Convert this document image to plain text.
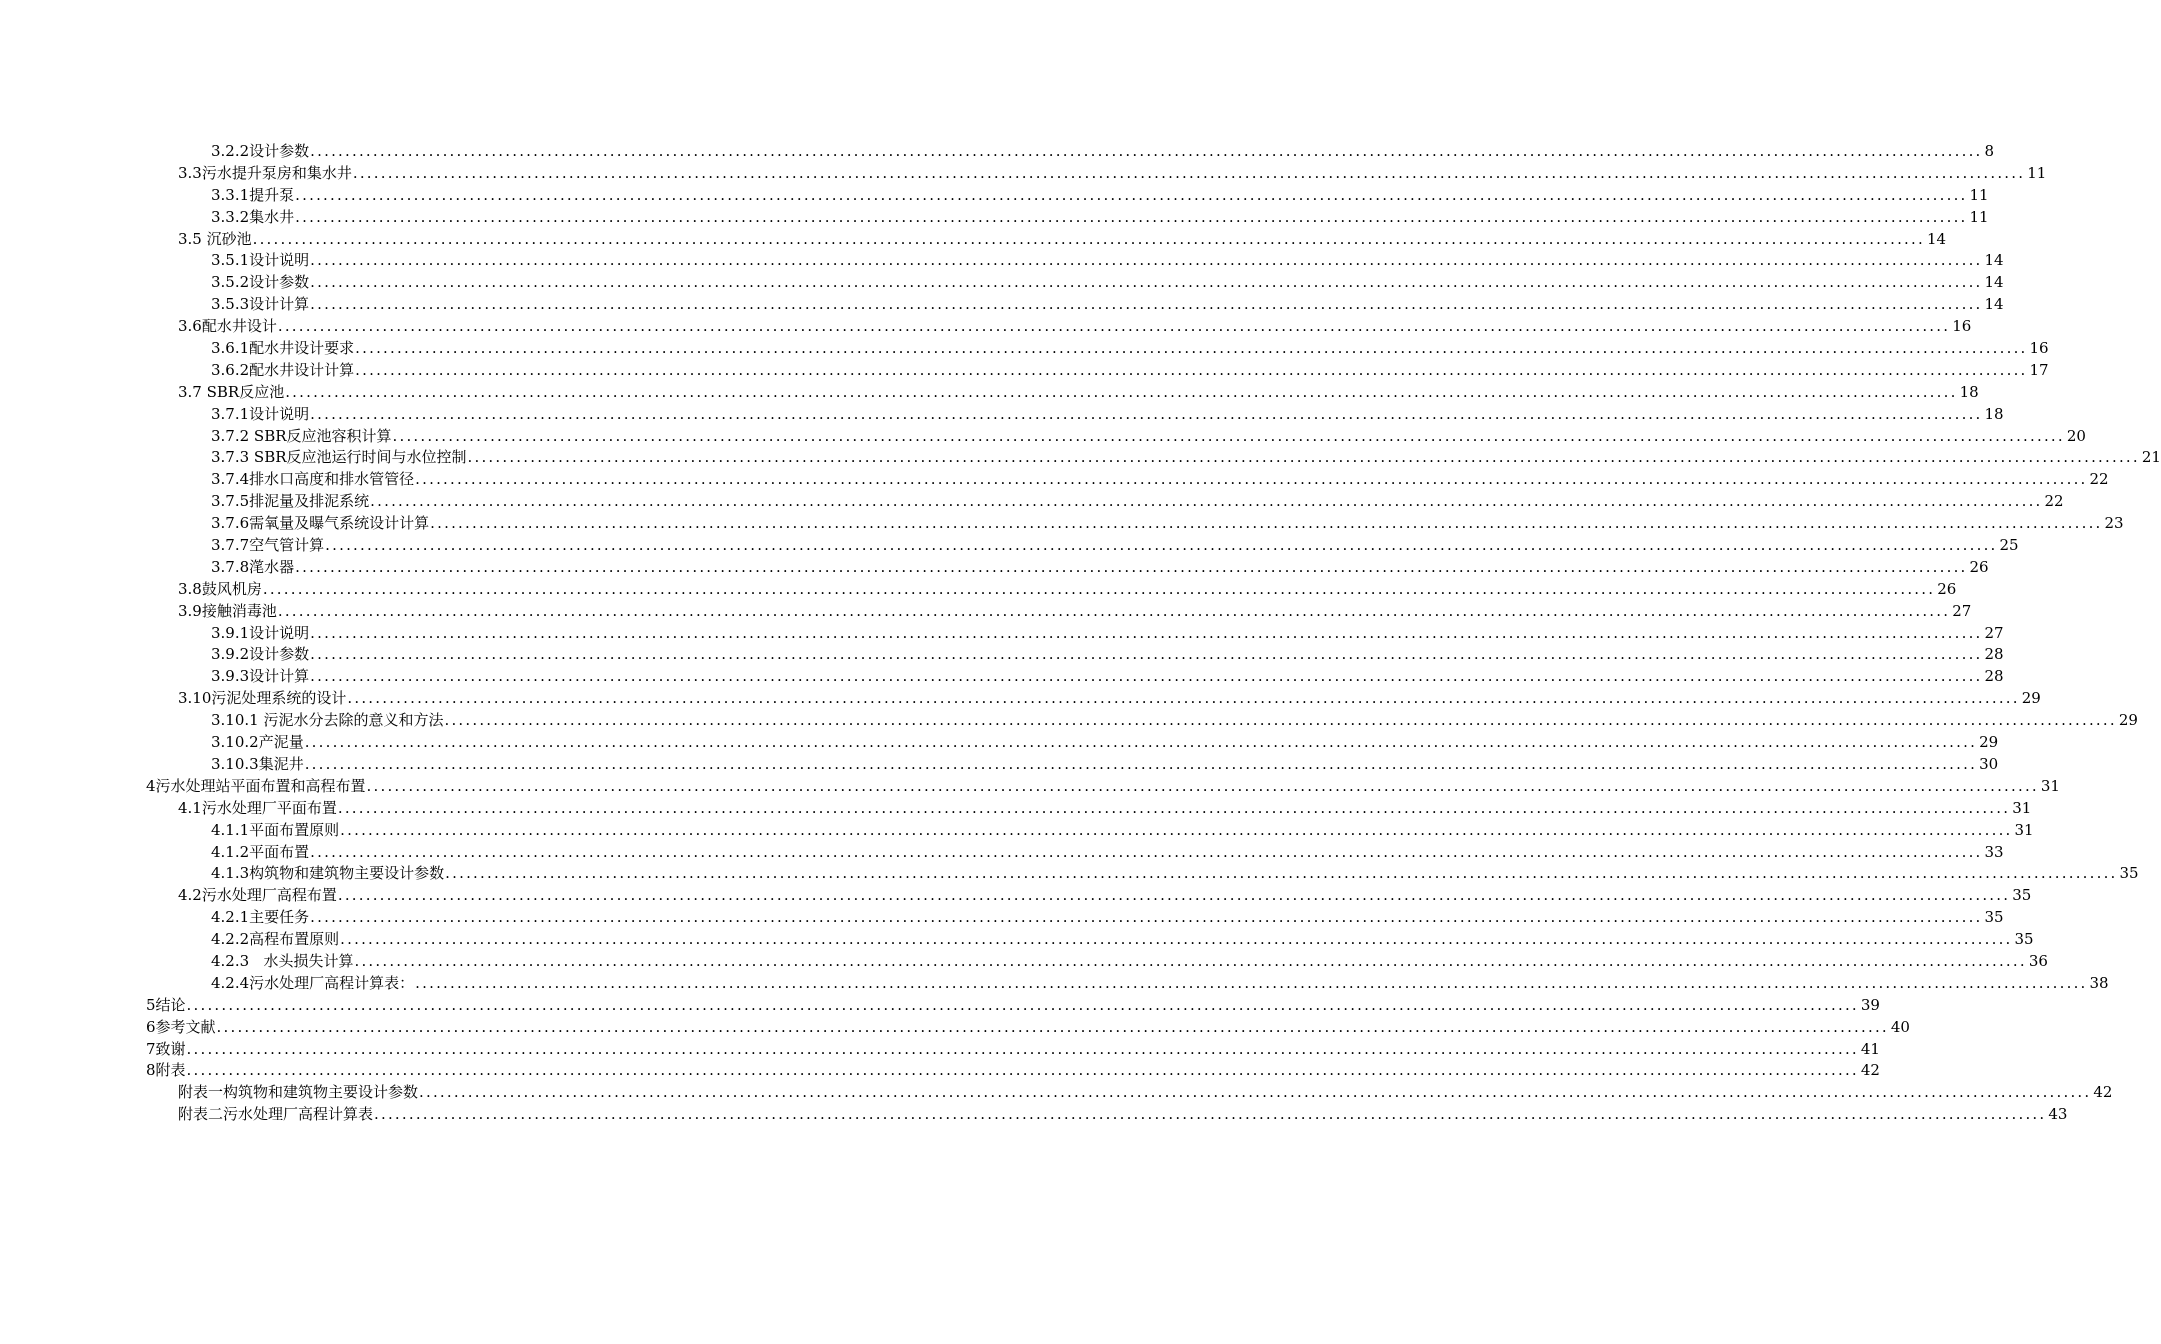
3.2.2设计参数 ................................................................................................................................................................................................................................................ 8
3.3污水提升泵房和集水井 ................................................................................................................................................................................................................................................ 11
3.3.1提升泵 ................................................................................................................................................................................................................................................ 11
3.3.2集水井 ................................................................................................................................................................................................................................................ 11
3.5 沉砂池 ................................................................................................................................................................................................................................................ 14
3.5.1设计说明 ................................................................................................................................................................................................................................................ 14
3.5.2设计参数 ................................................................................................................................................................................................................................................ 14
3.5.3设计计算 ................................................................................................................................................................................................................................................ 14
3.6配水井设计 ................................................................................................................................................................................................................................................ 16
3.6.1配水井设计要求 ................................................................................................................................................................................................................................................ 16
3.6.2配水井设计计算 ................................................................................................................................................................................................................................................ 17
3.7 SBR反应池 ................................................................................................................................................................................................................................................ 18
3.7.1设计说明 ................................................................................................................................................................................................................................................ 18
3.7.2 SBR反应池容积计算 ................................................................................................................................................................................................................................................ 20
3.7.3 SBR反应池运行时间与水位控制 ................................................................................................................................................................................................................................................ 21
3.7.4排水口高度和排水管管径 ................................................................................................................................................................................................................................................ 22
3.7.5排泥量及排泥系统 ................................................................................................................................................................................................................................................ 22
3.7.6需氧量及曝气系统设计计算 ................................................................................................................................................................................................................................................ 23
3.7.7空气管计算 ................................................................................................................................................................................................................................................ 25
3.7.8滗水器 ................................................................................................................................................................................................................................................ 26
3.8鼓风机房 ................................................................................................................................................................................................................................................ 26
3.9接触消毒池 ................................................................................................................................................................................................................................................ 27
3.9.1设计说明 ................................................................................................................................................................................................................................................ 27
3.9.2设计参数 ................................................................................................................................................................................................................................................ 28
3.9.3设计计算 ................................................................................................................................................................................................................................................ 28
3.10污泥处理系统的设计 ................................................................................................................................................................................................................................................ 29
3.10.1 污泥水分去除的意义和方法 ................................................................................................................................................................................................................................................ 29
3.10.2产泥量 ................................................................................................................................................................................................................................................ 29
3.10.3集泥井 ................................................................................................................................................................................................................................................ 30
4污水处理站平面布置和高程布置 ................................................................................................................................................................................................................................................ 31
4.1污水处理厂平面布置 ................................................................................................................................................................................................................................................ 31
4.1.1平面布置原则 ................................................................................................................................................................................................................................................ 31
4.1.2平面布置 ................................................................................................................................................................................................................................................ 33
4.1.3构筑物和建筑物主要设计参数 ................................................................................................................................................................................................................................................ 35
4.2污水处理厂高程布置 ................................................................................................................................................................................................................................................ 35
4.2.1主要任务 ................................................................................................................................................................................................................................................ 35
4.2.2高程布置原则 ................................................................................................................................................................................................................................................ 35
4.2.3   水头损失计算 ................................................................................................................................................................................................................................................ 36
4.2.4污水处理厂高程计算表： ................................................................................................................................................................................................................................................ 38
5结论 ................................................................................................................................................................................................................................................ 39
6参考文献 ................................................................................................................................................................................................................................................ 40
7致谢 ................................................................................................................................................................................................................................................ 41
8附表 ................................................................................................................................................................................................................................................ 42
附表一构筑物和建筑物主要设计参数 ................................................................................................................................................................................................................................................ 42
附表二污水处理厂高程计算表 ................................................................................................................................................................................................................................................ 43
